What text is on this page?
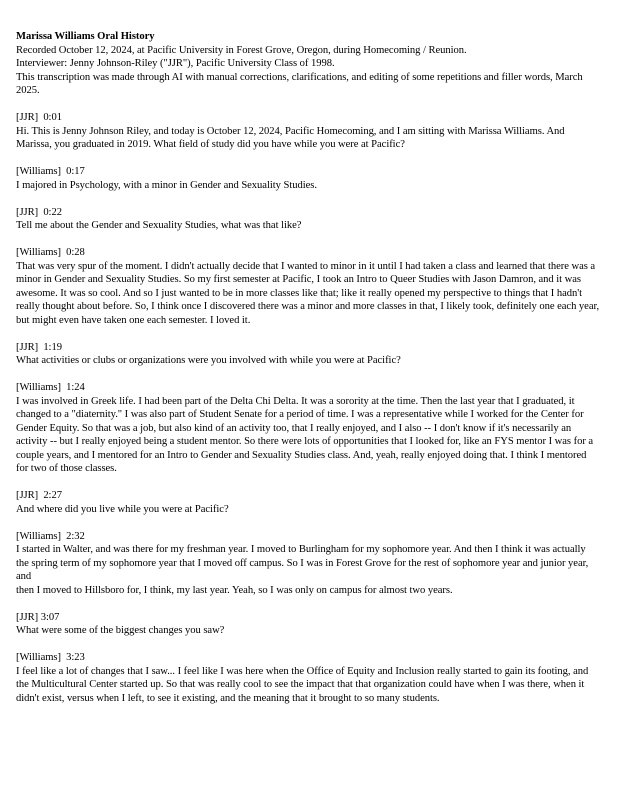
Marissa Williams Oral History

Recorded October 12, 2024, at Pacific University in Forest Grove, Oregon, during Homecoming / Reunion.

Interviewer: Jenny Johnson-Riley ("JJR"), Pacific University Class of 1998.

This transcription was made through AI with manual corrections, clarifications, and editing of some repetitions and filler words, March 2025.

[JJR]  0:01

Hi. This is Jenny Johnson Riley, and today is October 12, 2024, Pacific Homecoming, and I am sitting with Marissa Williams. And Marissa, you graduated in 2019. What field of study did you have while you were at Pacific?

[Williams]  0:17

I majored in Psychology, with a minor in Gender and Sexuality Studies.

[JJR]  0:22

Tell me about the Gender and Sexuality Studies, what was that like?

[Williams]  0:28

That was very spur of the moment. I didn't actually decide that I wanted to minor in it until I had taken a class and learned that there was a minor in Gender and Sexuality Studies. So my first semester at Pacific, I took an Intro to Queer Studies with Jason Damron, and it was awesome. It was so cool. And so I just wanted to be in more classes like that; like it really opened my perspective to things that I hadn't really thought about before. So, I think once I discovered there was a minor and more classes in that, I likely took, definitely one each year, but might even have taken one each semester. I loved it.

[JJR]  1:19

What activities or clubs or organizations were you involved with while you were at Pacific?

[Williams]  1:24

I was involved in Greek life. I had been part of the Delta Chi Delta. It was a sorority at the time. Then the last year that I graduated, it changed to a "diaternity." I was also part of Student Senate for a period of time. I was a representative while I worked for the Center for Gender Equity. So that was a job, but also kind of an activity too, that I really enjoyed, and I also -- I don't know if it's necessarily an activity -- but I really enjoyed being a student mentor. So there were lots of opportunities that I looked for, like an FYS mentor I was for a couple years, and I mentored for an Intro to Gender and Sexuality Studies class. And, yeah, really enjoyed doing that. I think I mentored for two of those classes.

[JJR]  2:27

And where did you live while you were at Pacific?

[Williams]  2:32

I started in Walter, and was there for my freshman year. I moved to Burlingham for my sophomore year. And then I think it was actually the spring term of my sophomore year that I moved off campus. So I was in Forest Grove for the rest of sophomore year and junior year, and
then I moved to Hillsboro for, I think, my last year. Yeah, so I was only on campus for almost two years.

[JJR] 3:07

What were some of the biggest changes you saw?

[Williams]  3:23

I feel like a lot of changes that I saw... I feel like I was here when the Office of Equity and Inclusion really started to gain its footing, and the Multicultural Center started up. So that was really cool to see the impact that that organization could have when I was there, when it didn't exist, versus when I left, to see it existing, and the meaning that it brought to so many students.
